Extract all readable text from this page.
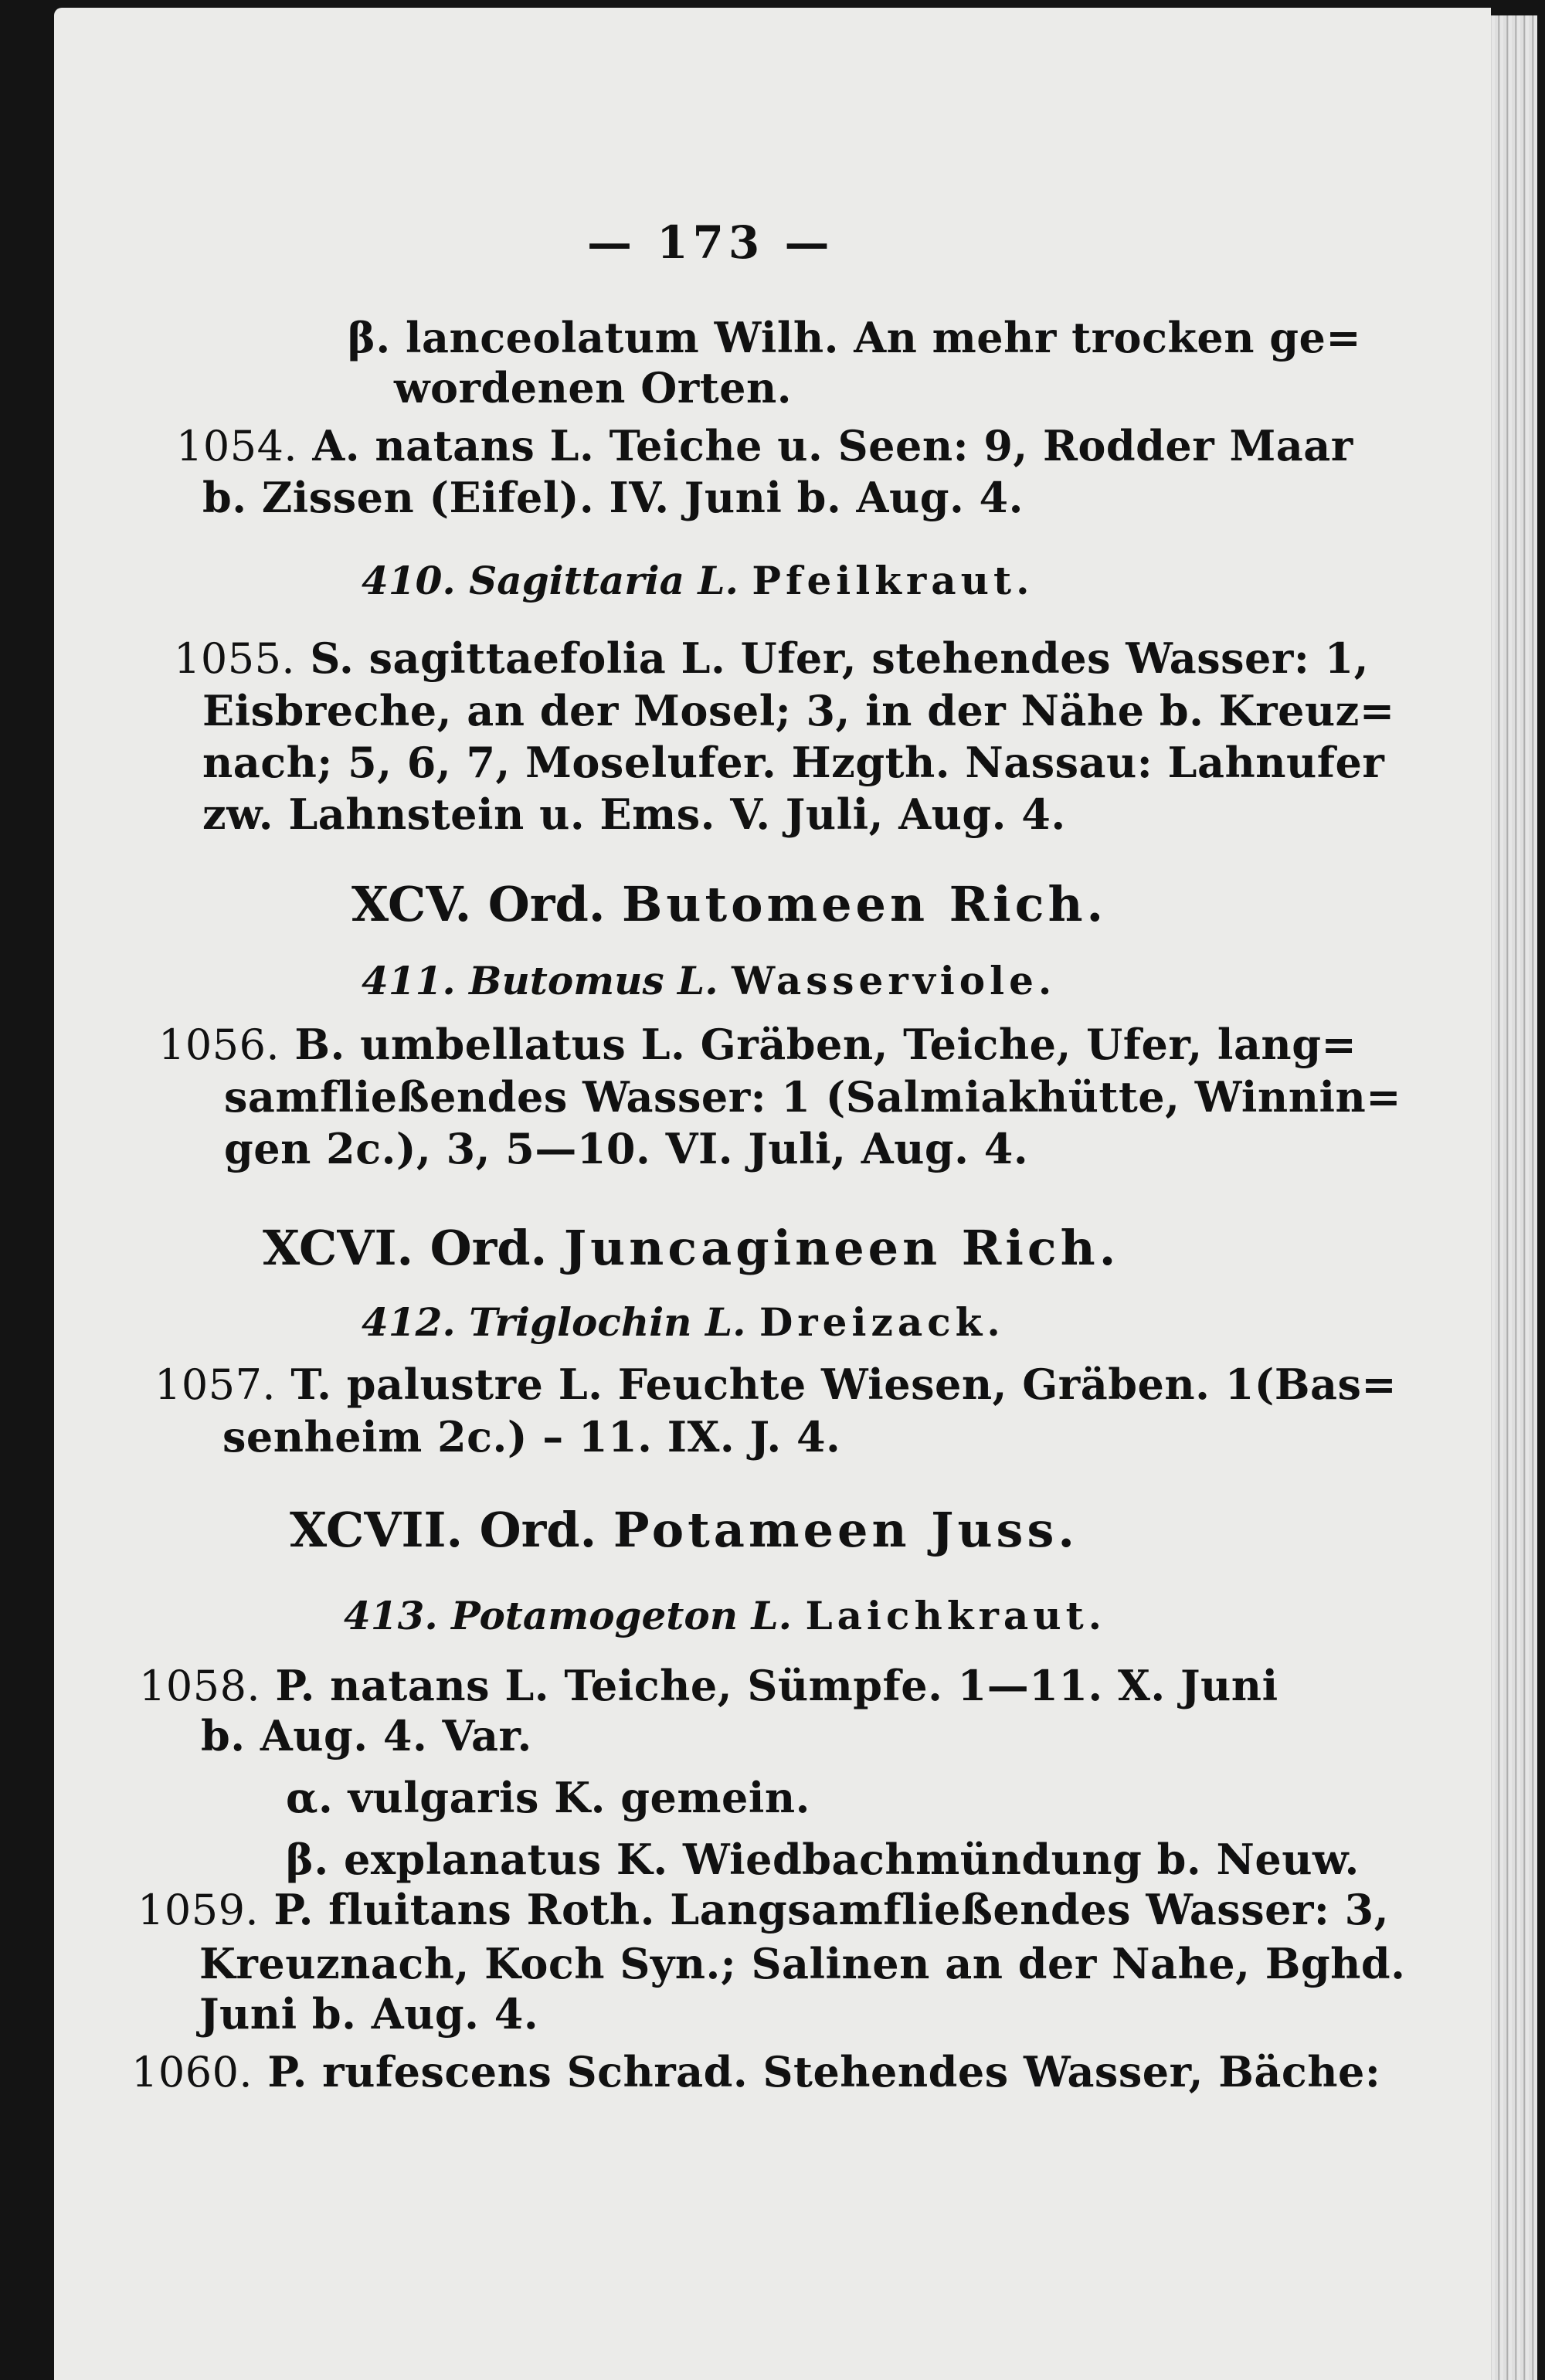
— 173 —
β. lanceolatum Wilh. An mehr trocken ge=
wordenen Orten.
1054. A. natans L. Teiche u. Seen: 9, Rodder Maar
b. Zissen (Eifel). IV. Juni b. Aug. 4.
410. Sagittaria L. Pfeilkraut.
1055. S. sagittaefolia L. Ufer, stehendes Wasser: 1,
Eisbreche, an der Mosel; 3, in der Nähe b. Kreuz=
nach; 5, 6, 7, Moselufer. Hzgth. Nassau: Lahnufer
zw. Lahnstein u. Ems. V. Juli, Aug. 4.
XCV. Ord. Butomeen Rich.
411. Butomus L. Wasserviole.
1056. B. umbellatus L. Gräben, Teiche, Ufer, lang=
samfließendes Wasser: 1 (Salmiakhütte, Winnin=
gen 2c.), 3, 5—10. VI. Juli, Aug. 4.
XCVI. Ord. Juncagineen Rich.
412. Triglochin L. Dreizack.
1057. T. palustre L. Feuchte Wiesen, Gräben. 1(Bas=
senheim 2c.) – 11. IX. J. 4.
XCVII. Ord. Potameen Juss.
413. Potamogeton L. Laichkraut.
1058. P. natans L. Teiche, Sümpfe. 1—11. X. Juni
b. Aug. 4. Var.
α. vulgaris K. gemein.
β. explanatus K. Wiedbachmündung b. Neuw.
1059. P. fluitans Roth. Langsamfließendes Wasser: 3,
Kreuznach, Koch Syn.; Salinen an der Nahe, Bghd.
Juni b. Aug. 4.
1060. P. rufescens Schrad. Stehendes Wasser, Bäche:
